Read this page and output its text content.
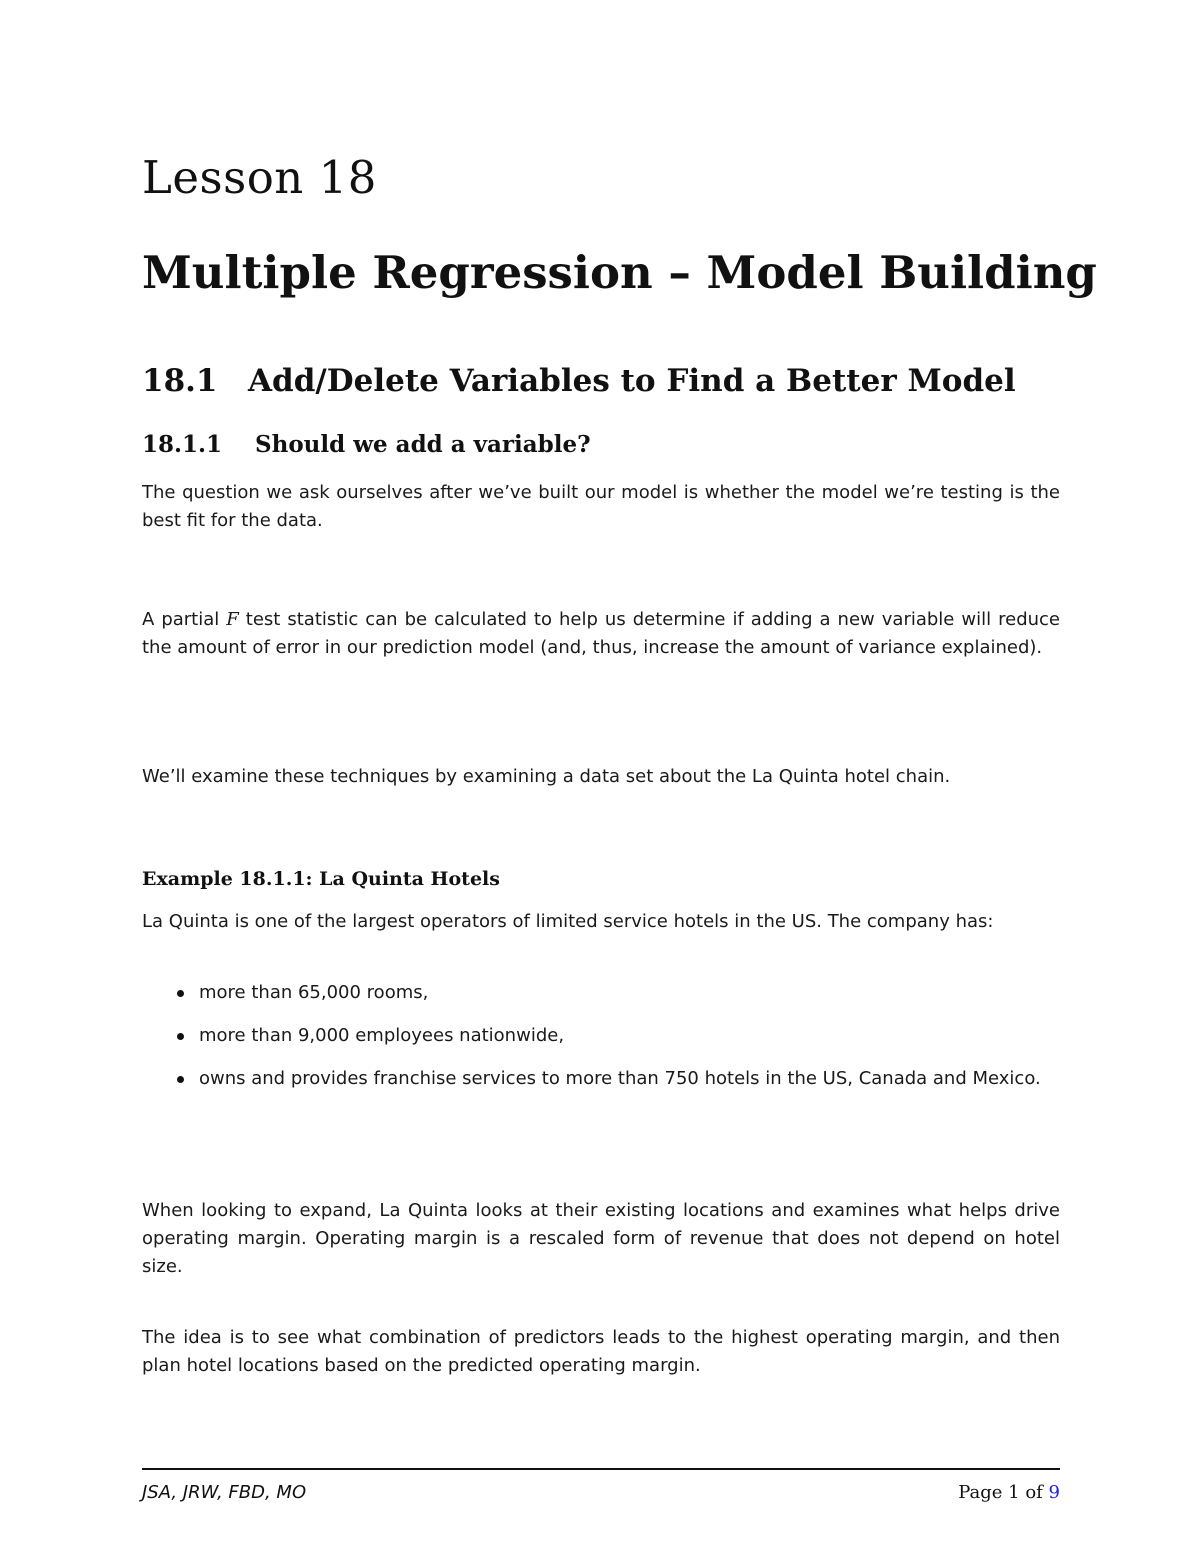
Lesson 18
Multiple Regression – Model Building
18.1 Add/Delete Variables to Find a Better Model
18.1.1 Should we add a variable?

The question we ask ourselves after we’ve built our model is whether the model we’re testing is the best fit for the data.

A partial F test statistic can be calculated to help us determine if adding a new variable will reduce the amount of error in our prediction model (and, thus, increase the amount of variance explained).

We’ll examine these techniques by examining a data set about the La Quinta hotel chain.

Example 18.1.1: La Quinta Hotels

La Quinta is one of the largest operators of limited service hotels in the US. The company has:

more than 65,000 rooms,
more than 9,000 employees nationwide,
owns and provides franchise services to more than 750 hotels in the US, Canada and Mexico.

When looking to expand, La Quinta looks at their existing locations and examines what helps drive operating margin. Operating margin is a rescaled form of revenue that does not depend on hotel size.

The idea is to see what combination of predictors leads to the highest operating margin, and then plan hotel locations based on the predicted operating margin.

JSA, JRW, FBD, MO	Page 1 of 9
